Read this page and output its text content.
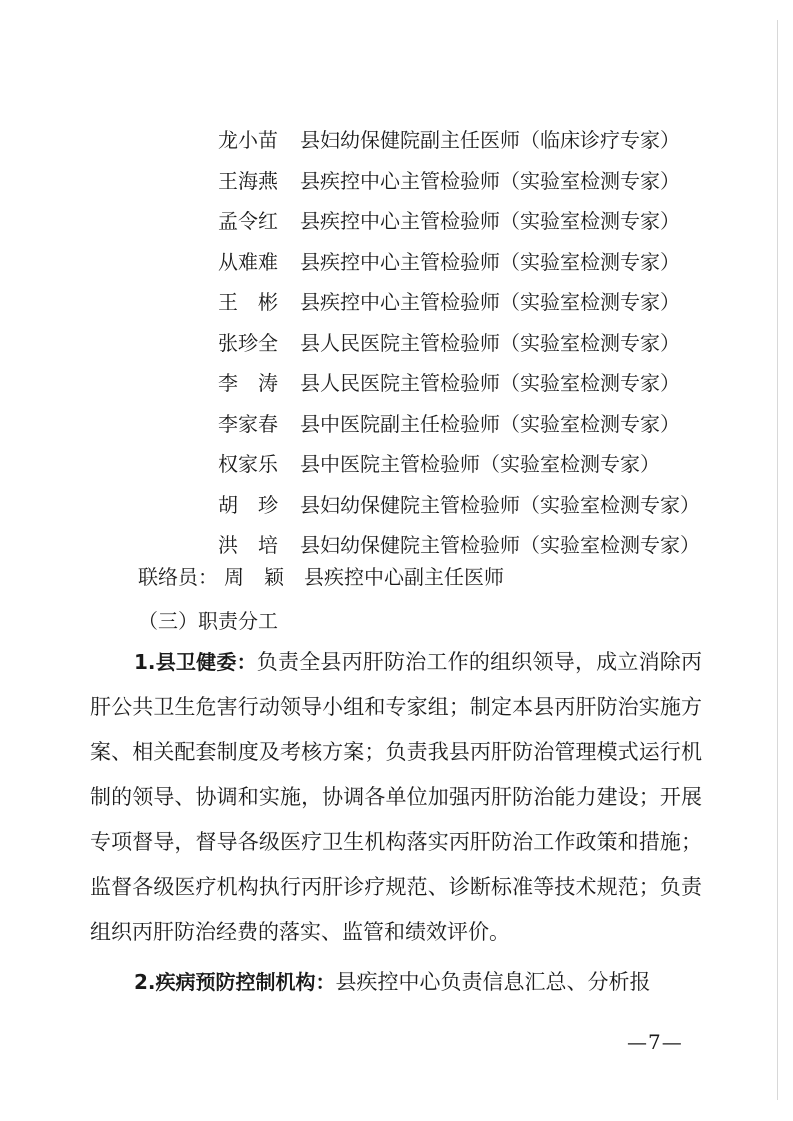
龙小苗	县妇幼保健院副主任医师（临床诊疗专家）
王海燕	县疾控中心主管检验师（实验室检测专家）
孟令红	县疾控中心主管检验师（实验室检测专家）
从难难	县疾控中心主管检验师（实验室检测专家）
王　彬	县疾控中心主管检验师（实验室检测专家）
张珍全	县人民医院主管检验师（实验室检测专家）
李　涛	县人民医院主管检验师（实验室检测专家）
李家春	县中医院副主任检验师（实验室检测专家）
权家乐	县中医院主管检验师（实验室检测专家）
胡　珍	县妇幼保健院主管检验师（实验室检测专家）
洪　培	县妇幼保健院主管检验师（实验室检测专家）
联络员： 周　颖 县疾控中心副主任医师
（三）职责分工
1.县卫健委：负责全县丙肝防治工作的组织领导，成立消除丙肝公共卫生危害行动领导小组和专家组；制定本县丙肝防治实施方案、相关配套制度及考核方案；负责我县丙肝防治管理模式运行机制的领导、协调和实施，协调各单位加强丙肝防治能力建设；开展专项督导，督导各级医疗卫生机构落实丙肝防治工作政策和措施；监督各级医疗机构执行丙肝诊疗规范、诊断标准等技术规范；负责组织丙肝防治经费的落实、监管和绩效评价。
2.疾病预防控制机构：县疾控中心负责信息汇总、分析报
—7—
